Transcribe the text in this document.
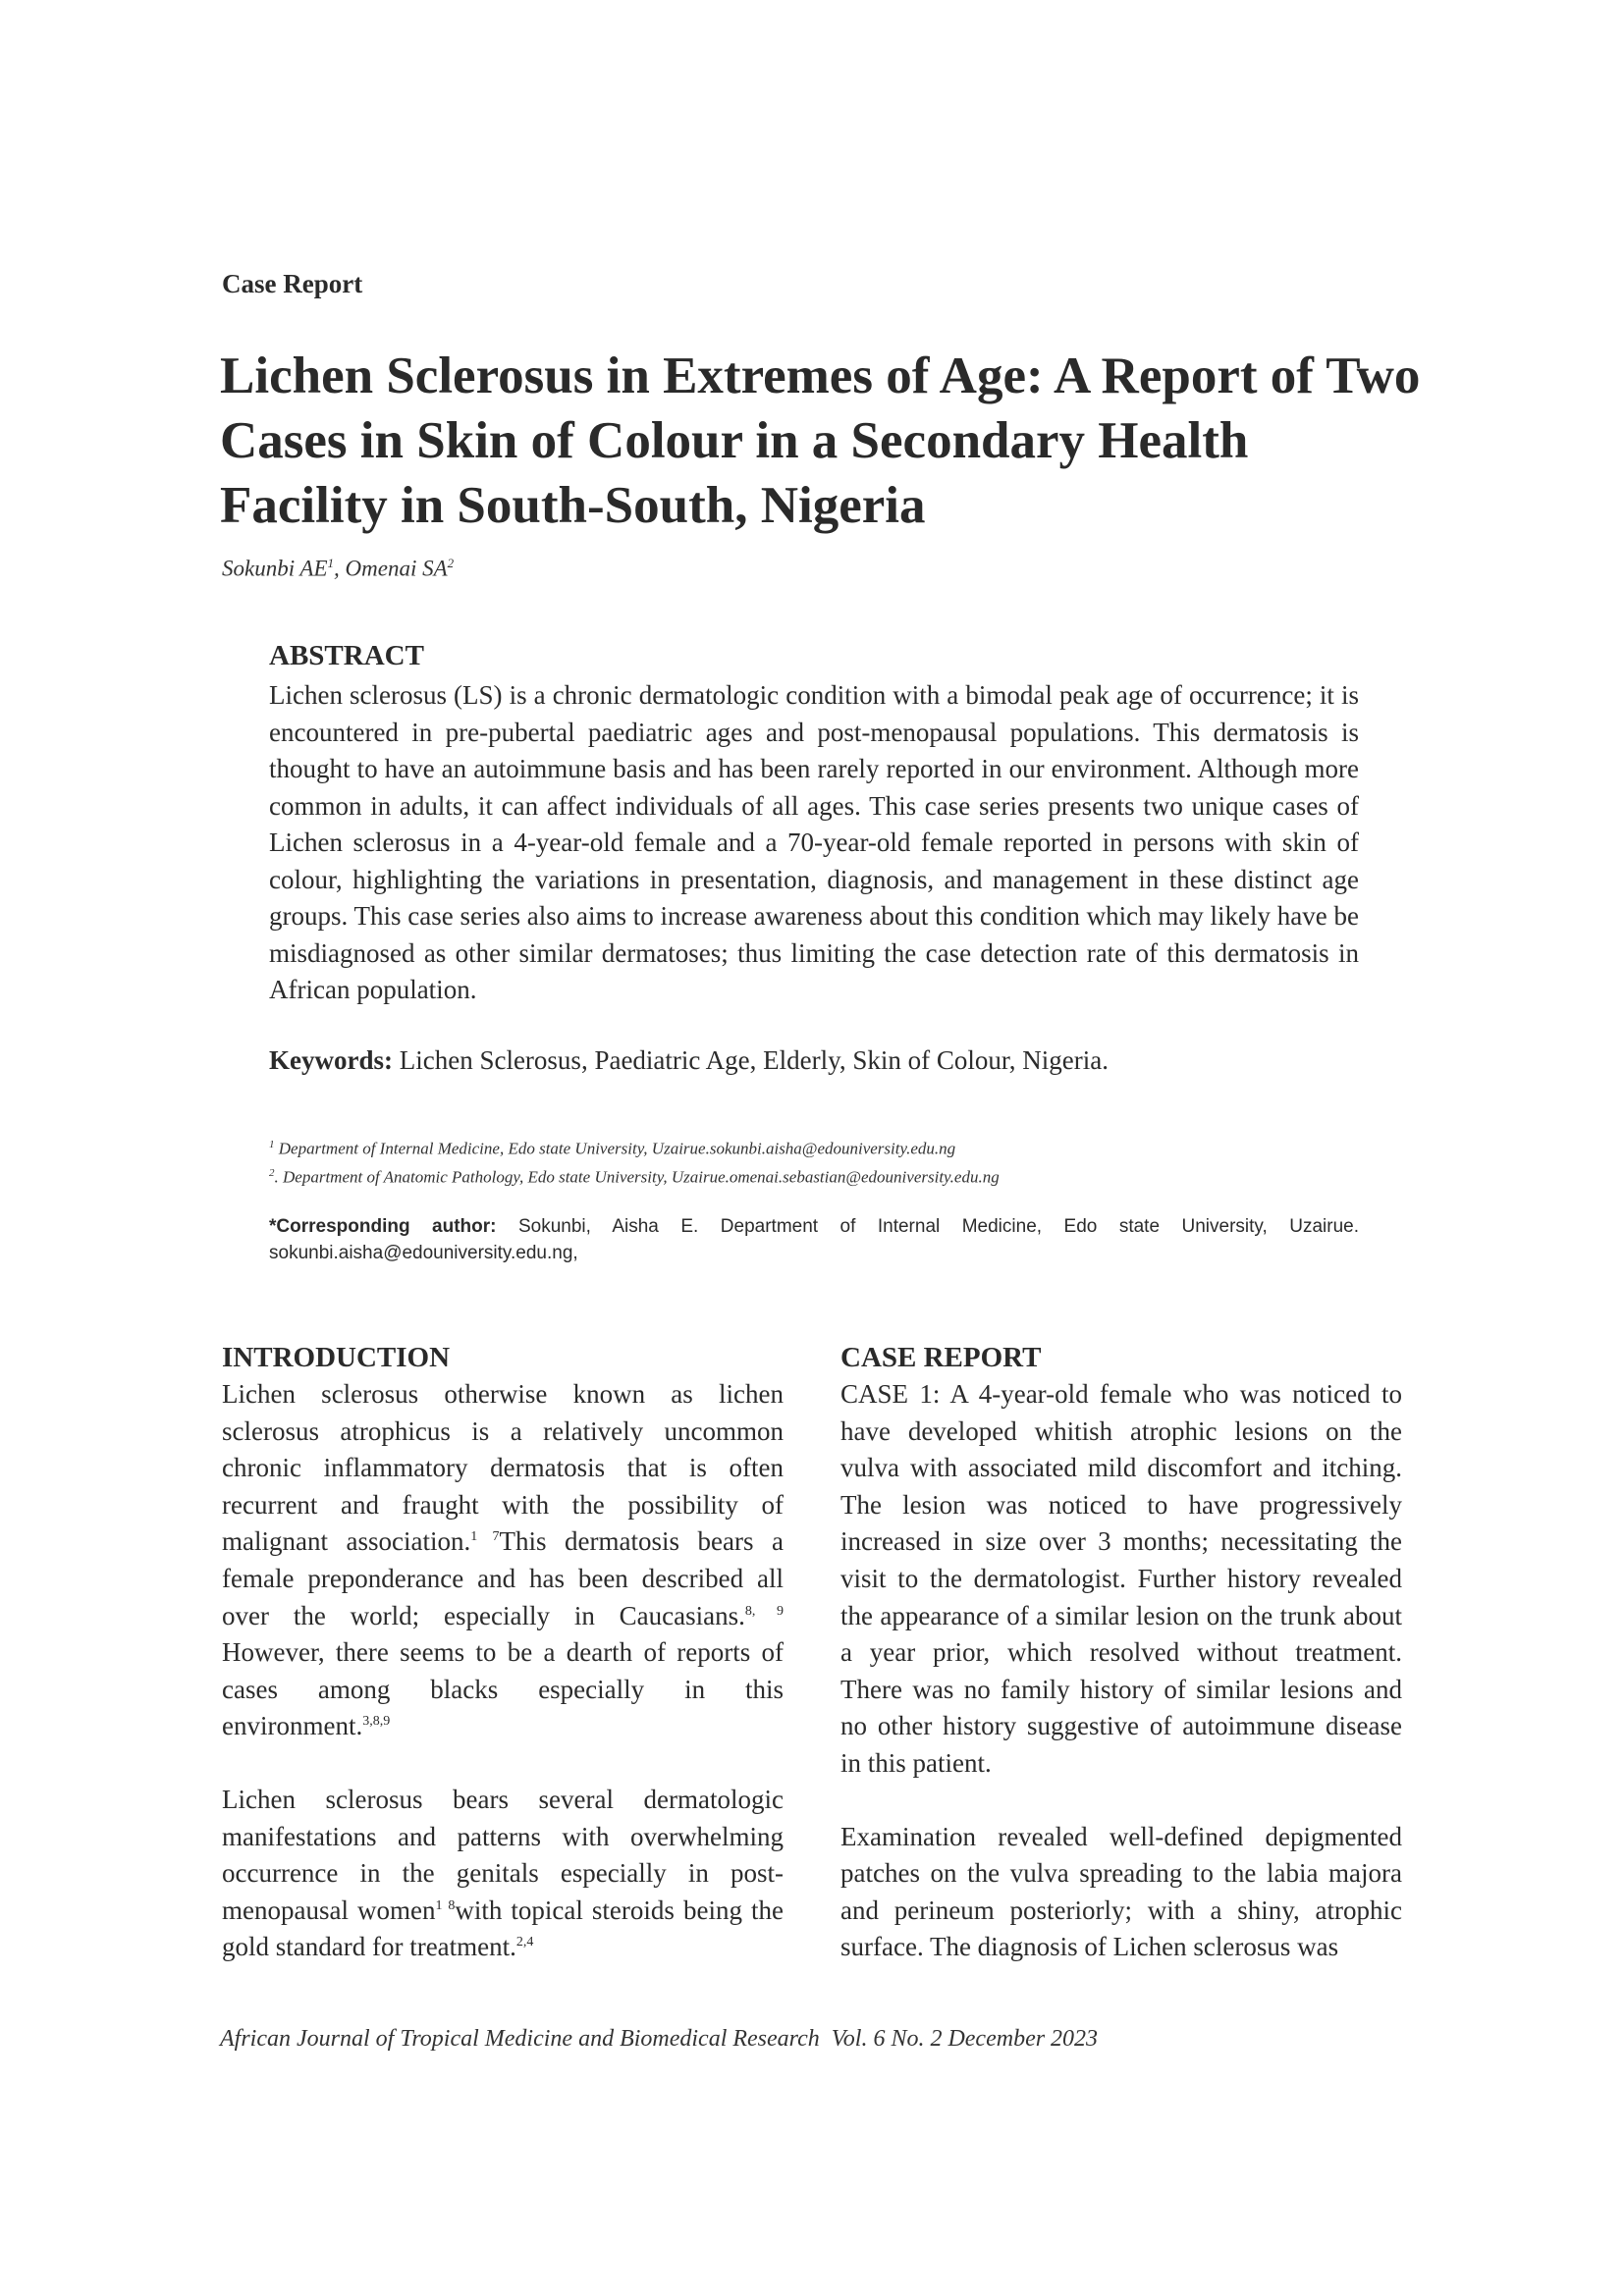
Case Report
Lichen Sclerosus in Extremes of Age: A Report of Two Cases in Skin of Colour in a Secondary Health Facility in South-South, Nigeria
Sokunbi $AE^1$, Omenai $SA^2$
ABSTRACT

Lichen sclerosus (LS) is a chronic dermatologic condition with a bimodal peak age of occurrence; it is encountered in pre-pubertal paediatric ages and post-menopausal populations. This dermatosis is thought to have an autoimmune basis and has been rarely reported in our environment. Although more common in adults, it can affect individuals of all ages. This case series presents two unique cases of Lichen sclerosus in a 4-year-old female and a 70-year-old female reported in persons with skin of colour, highlighting the variations in presentation, diagnosis, and management in these distinct age groups. This case series also aims to increase awareness about this condition which may likely have be misdiagnosed as other similar dermatoses; thus limiting the case detection rate of this dermatosis in African population.

Keywords: Lichen Sclerosus, Paediatric Age, Elderly, Skin of Colour, Nigeria.
$^1$ Department of Internal Medicine, Edo state University, Uzairue.sokunbi.aisha@edouniversity.edu.ng
$^2$. Department of Anatomic Pathology, Edo state University, Uzairue.omenai.sebastian@edouniversity.edu.ng
*Corresponding author: Sokunbi, Aisha E. Department of Internal Medicine, Edo state University, Uzairue. sokunbi.aisha@edouniversity.edu.ng,
INTRODUCTION

Lichen sclerosus otherwise known as lichen sclerosus atrophicus is a relatively uncommon chronic inflammatory dermatosis that is often recurrent and fraught with the possibility of malignant association.$^{1 7}$This dermatosis bears a female preponderance and has been described all over the world; especially in Caucasians.$^{8, 9}$ However, there seems to be a dearth of reports of cases among blacks especially in this environment.$^{3,8,9}$

Lichen sclerosus bears several dermatologic manifestations and patterns with overwhelming occurrence in the genitals especially in post-menopausal women$^{1 8}$with topical steroids being the gold standard for treatment.$^{2,4}$

CASE REPORT

CASE 1: A 4-year-old female who was noticed to have developed whitish atrophic lesions on the vulva with associated mild discomfort and itching. The lesion was noticed to have progressively increased in size over 3 months; necessitating the visit to the dermatologist. Further history revealed the appearance of a similar lesion on the trunk about a year prior, which resolved without treatment. There was no family history of similar lesions and no other history suggestive of autoimmune disease in this patient.

Examination revealed well-defined depigmented patches on the vulva spreading to the labia majora and perineum posteriorly; with a shiny, atrophic surface. The diagnosis of Lichen sclerosus was

African Journal of Tropical Medicine and Biomedical Research  Vol. 6 No. 2 December 2023
